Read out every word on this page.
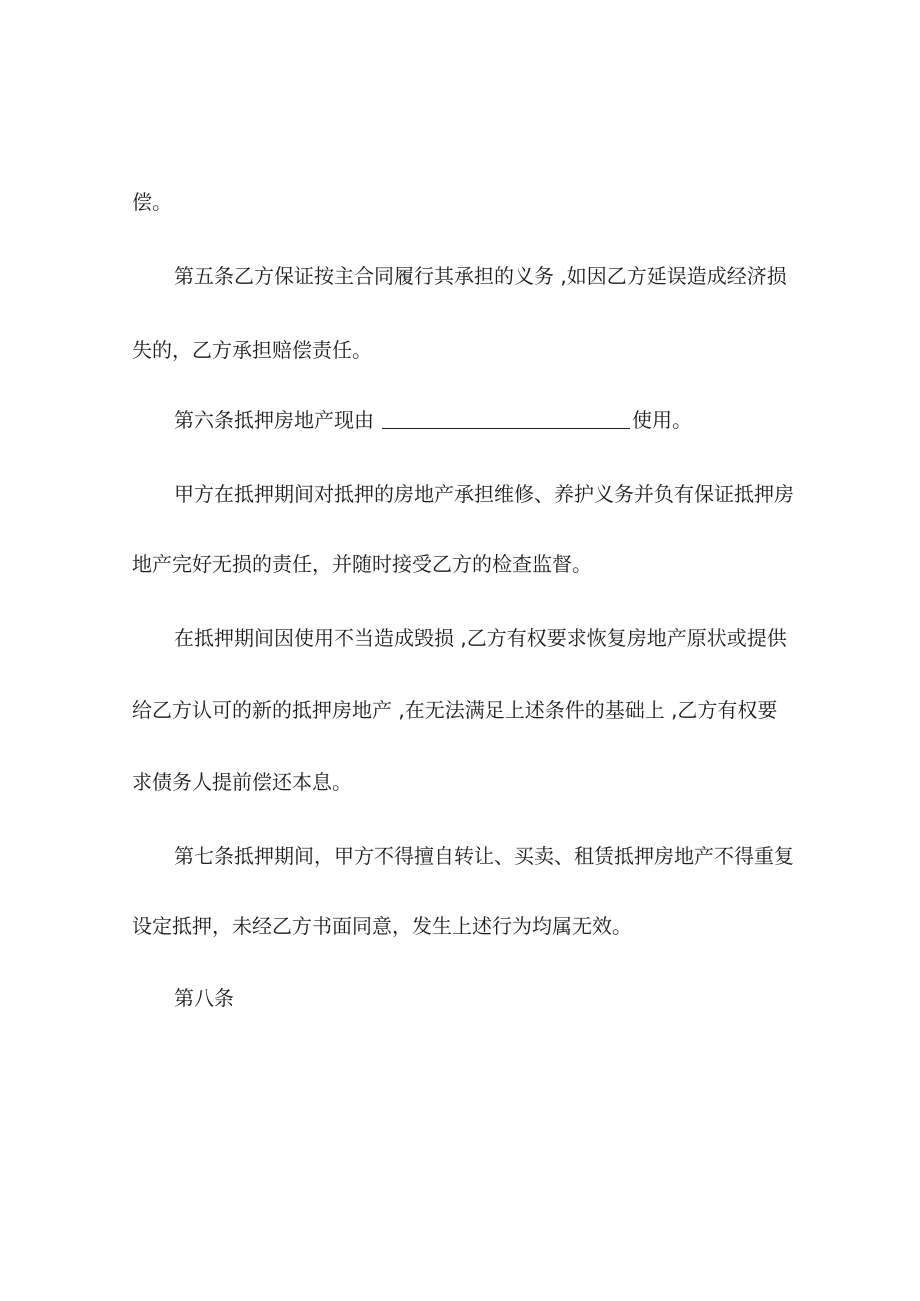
偿。
第五条乙方保证按主合同履行其承担的义务 ,如因乙方延误造成经济损
失的，乙方承担赔偿责任。
第六条抵押房地产现由	使用。
甲方在抵押期间对抵押的房地产承担维修、养护义务并负有保证抵押房
地产完好无损的责任，并随时接受乙方的检查监督。
在抵押期间因使用不当造成毁损 ,乙方有权要求恢复房地产原状或提供
给乙方认可的新的抵押房地产 ,在无法满足上述条件的基础上 ,乙方有权要
求债务人提前偿还本息。
第七条抵押期间，甲方不得擅自转让、买卖、租赁抵押房地产不得重复
设定抵押，未经乙方书面同意，发生上述行为均属无效。
第八条
